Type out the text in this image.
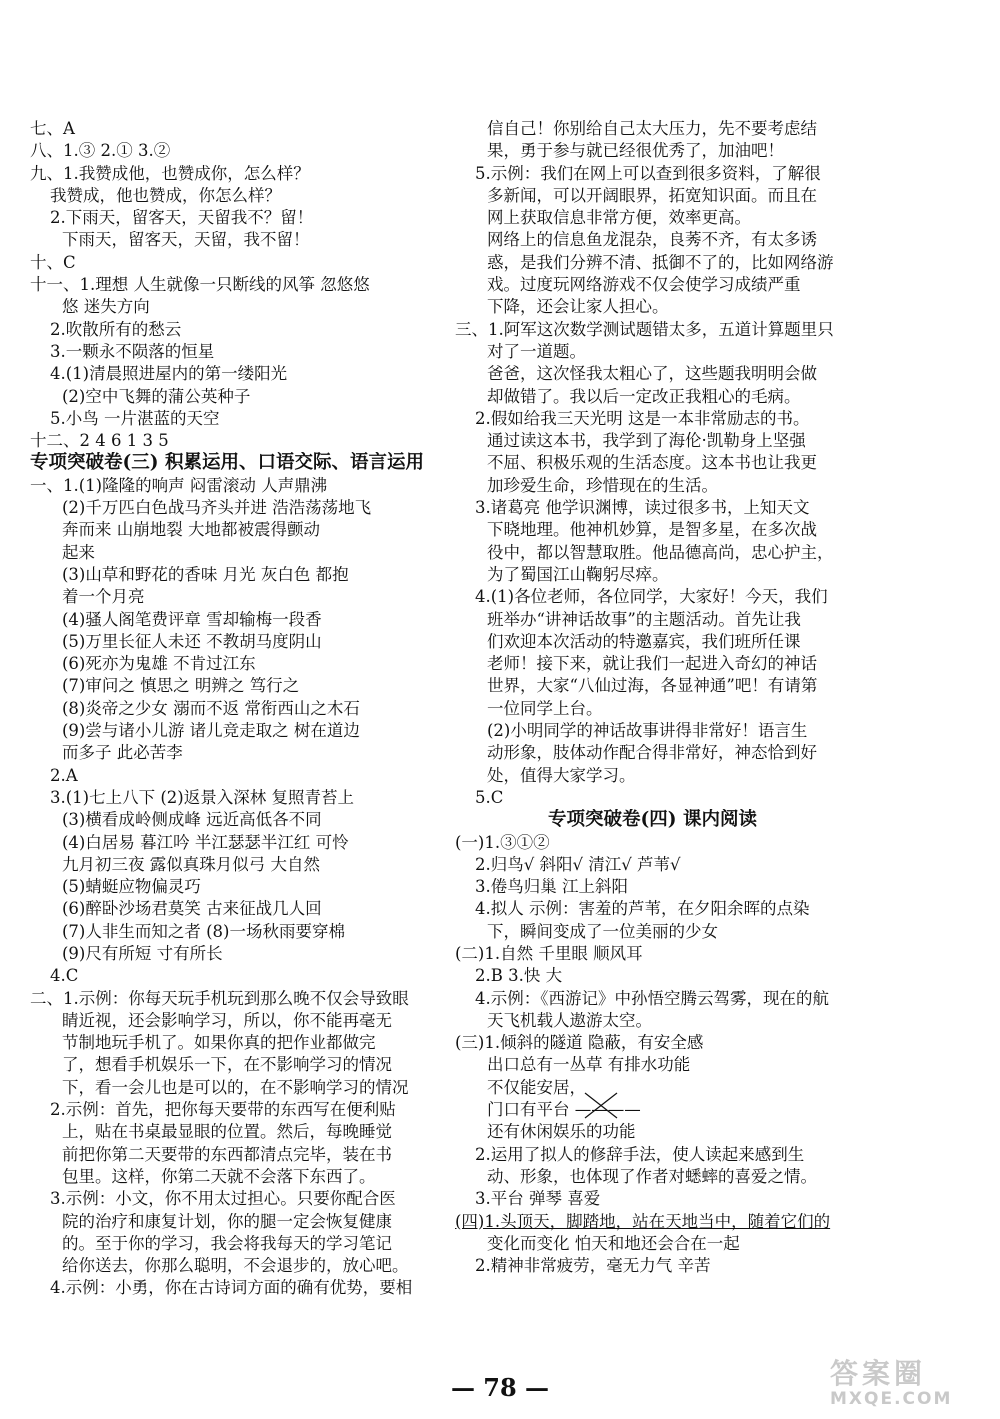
七、A
八、1.③ 2.① 3.②
九、1.我赞成他，也赞成你，怎么样？
我赞成，他也赞成，你怎么样？
2.下雨天，留客天，天留我不？留！
下雨天，留客天，天留，我不留！
十、C
十一、1.理想 人生就像一只断线的风筝 忽悠悠
悠 迷失方向
2.吹散所有的愁云
3.一颗永不陨落的恒星
4.(1)清晨照进屋内的第一缕阳光
(2)空中飞舞的蒲公英种子
5.小鸟 一片湛蓝的天空
十二、2 4 6 1 3 5
专项突破卷(三) 积累运用、口语交际、语言运用
一、1.(1)隆隆的响声 闷雷滚动 人声鼎沸
(2)千万匹白色战马齐头并进 浩浩荡荡地飞
奔而来 山崩地裂 大地都被震得颤动
起来
(3)山草和野花的香味 月光 灰白色 都抱
着一个月亮
(4)骚人阁笔费评章 雪却输梅一段香
(5)万里长征人未还 不教胡马度阴山
(6)死亦为鬼雄 不肯过江东
(7)审问之 慎思之 明辨之 笃行之
(8)炎帝之少女 溺而不返 常衔西山之木石
(9)尝与诸小儿游 诸儿竞走取之 树在道边
而多子 此必苦李
2.A
3.(1)七上八下 (2)返景入深林 复照青苔上
(3)横看成岭侧成峰 远近高低各不同
(4)白居易 暮江吟 半江瑟瑟半江红 可怜
九月初三夜 露似真珠月似弓 大自然
(5)蜻蜓应物偏灵巧
(6)醉卧沙场君莫笑 古来征战几人回
(7)人非生而知之者 (8)一场秋雨要穿棉
(9)尺有所短 寸有所长
4.C
二、1.示例：你每天玩手机玩到那么晚不仅会导致眼
睛近视，还会影响学习，所以，你不能再毫无
节制地玩手机了。如果你真的把作业都做完
了，想看手机娱乐一下，在不影响学习的情况
下，看一会儿也是可以的，在不影响学习的情况
2.示例：首先，把你每天要带的东西写在便利贴
上，贴在书桌最显眼的位置。然后，每晚睡觉
前把你第二天要带的东西都清点完毕，装在书
包里。这样，你第二天就不会落下东西了。
3.示例：小文，你不用太过担心。只要你配合医
院的治疗和康复计划，你的腿一定会恢复健康
的。至于你的学习，我会将我每天的学习笔记
给你送去，你那么聪明，不会退步的，放心吧。
4.示例：小勇，你在古诗词方面的确有优势，要相
信自己！你别给自己太大压力，先不要考虑结
果，勇于参与就已经很优秀了，加油吧！
5.示例：我们在网上可以查到很多资料，了解很
多新闻，可以开阔眼界，拓宽知识面。而且在
网上获取信息非常方便，效率更高。
网络上的信息鱼龙混杂，良莠不齐，有太多诱
惑，是我们分辨不清、抵御不了的，比如网络游
戏。过度玩网络游戏不仅会使学习成绩严重
下降，还会让家人担心。
三、1.阿军这次数学测试题错太多，五道计算题里只
对了一道题。
爸爸，这次怪我太粗心了，这些题我明明会做
却做错了。我以后一定改正我粗心的毛病。
2.假如给我三天光明 这是一本非常励志的书。
通过读这本书，我学到了海伦·凯勒身上坚强
不屈、积极乐观的生活态度。这本书也让我更
加珍爱生命，珍惜现在的生活。
3.诸葛亮 他学识渊博，读过很多书，上知天文
下晓地理。他神机妙算，是智多星，在多次战
役中，都以智慧取胜。他品德高尚，忠心护主，
为了蜀国江山鞠躬尽瘁。
4.(1)各位老师，各位同学，大家好！今天，我们
班举办“讲神话故事”的主题活动。首先让我
们欢迎本次活动的特邀嘉宾，我们班所任课
老师！接下来，就让我们一起进入奇幻的神话
世界，大家“八仙过海，各显神通”吧！有请第
一位同学上台。
(2)小明同学的神话故事讲得非常好！语言生
动形象，肢体动作配合得非常好，神态恰到好
处，值得大家学习。
5.C
专项突破卷(四) 课内阅读
(一)1.③①②
2.归鸟√ 斜阳√ 清江√ 芦苇√
3.倦鸟归巢 江上斜阳
4.拟人 示例：害羞的芦苇，在夕阳余晖的点染
下，瞬间变成了一位美丽的少女
(二)1.自然 千里眼 顺风耳
2.B 3.快 大
4.示例：《西游记》中孙悟空腾云驾雾，现在的航
天飞机载人遨游太空。
(三)1.倾斜的隧道 隐蔽，有安全感
出口总有一丛草 有排水功能
不仅能安居，
门口有平台 ————
还有休闲娱乐的功能
2.运用了拟人的修辞手法，使人读起来感到生
动、形象，也体现了作者对蟋蟀的喜爱之情。
3.平台 弹琴 喜爱
(四)1.头顶天，脚踏地，站在天地当中，随着它们的
变化而变化 怕天和地还会合在一起
2.精神非常疲劳，毫无力气 辛苦
— 78 —	答案圈
MXQE.COM
